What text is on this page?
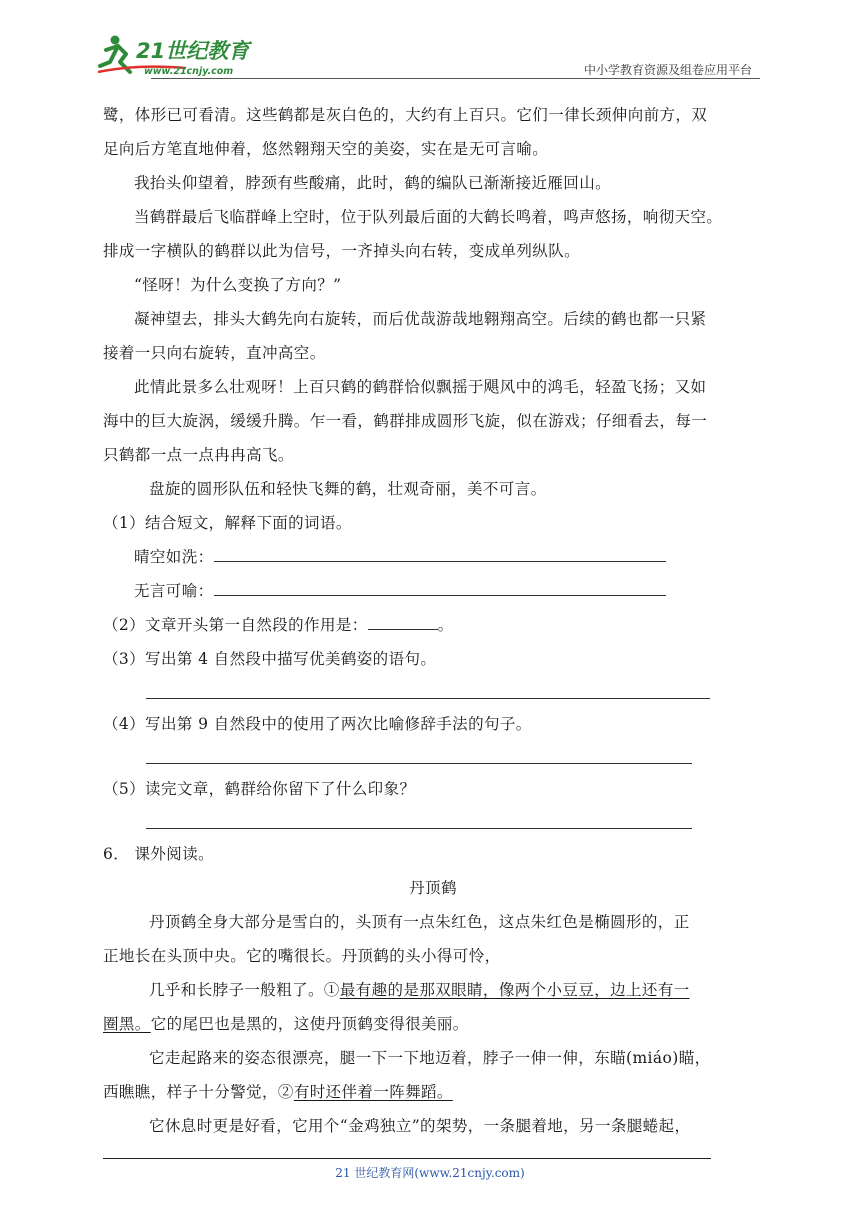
21世纪教育
www.21cnjy.com	中小学教育资源及组卷应用平台

鹭，体形已可看清。这些鹤都是灰白色的，大约有上百只。它们一律长颈伸向前方，双

足向后方笔直地伸着，悠然翱翔天空的美姿，实在是无可言喻。

我抬头仰望着，脖颈有些酸痛，此时，鹤的编队已渐渐接近雁回山。

当鹤群最后飞临群峰上空时，位于队列最后面的大鹤长鸣着，鸣声悠扬，响彻天空。

排成一字横队的鹤群以此为信号，一齐掉头向右转，变成单列纵队。

“怪呀！为什么变换了方向？”

凝神望去，排头大鹤先向右旋转，而后优哉游哉地翱翔高空。后续的鹤也都一只紧

接着一只向右旋转，直冲高空。

此情此景多么壮观呀！上百只鹤的鹤群恰似飘摇于飓风中的鸿毛，轻盈飞扬；又如

海中的巨大旋涡，缓缓升腾。乍一看，鹤群排成圆形飞旋，似在游戏；仔细看去，每一

只鹤都一点一点冉冉高飞。

盘旋的圆形队伍和轻快飞舞的鹤，壮观奇丽，美不可言。

（1）结合短文，解释下面的词语。

晴空如洗：

无言可喻：

（2）文章开头第一自然段的作用是：	。

（3）写出第 4 自然段中描写优美鹤姿的语句。

（4）写出第 9 自然段中的使用了两次比喻修辞手法的句子。

（5）读完文章，鹤群给你留下了什么印象？

6． 课外阅读。

丹顶鹤

丹顶鹤全身大部分是雪白的，头顶有一点朱红色，这点朱红色是椭圆形的，正

正地长在头顶中央。它的嘴很长。丹顶鹤的头小得可怜，

几乎和长脖子一般粗了。①最有趣的是那双眼睛，像两个小豆豆，边上还有一

圈黑。它的尾巴也是黑的，这使丹顶鹤变得很美丽。

它走起路来的姿态很漂亮，腿一下一下地迈着，脖子一伸一伸，东瞄(miáo)瞄，

西瞧瞧，样子十分警觉，②有时还伴着一阵舞蹈。

它休息时更是好看，它用个“金鸡独立”的架势，一条腿着地，另一条腿蜷起，

21 世纪教育网(www.21cnjy.com)
